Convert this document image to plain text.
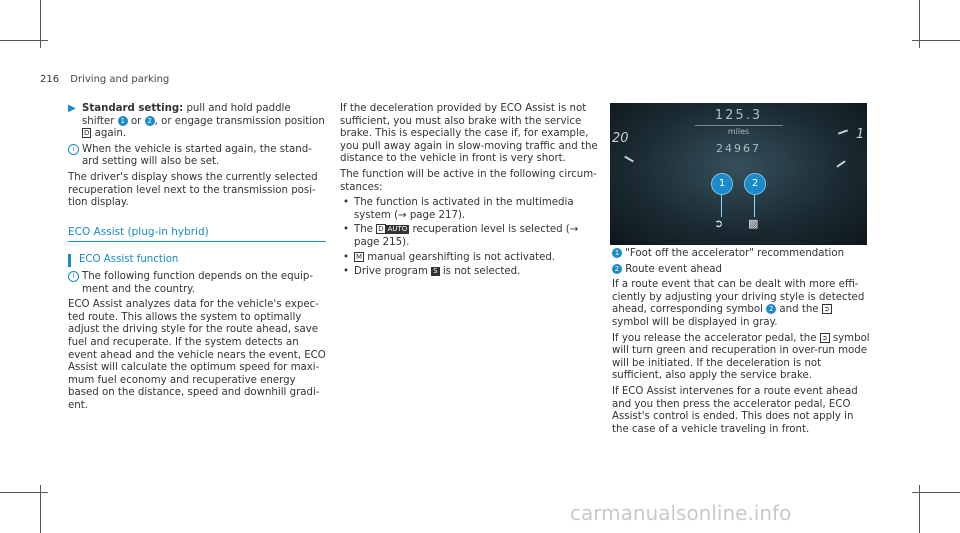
216 Driving and parking

▶ Standard setting: pull and hold paddle shifter 1 or 2 , or engage transmission position D again.

i When the vehicle is started again, the stand-ard setting will also be set.

The driver's display shows the currently selected recuperation level next to the transmission posi-tion display.

ECO Assist (plug-in hybrid)
ECO Assist function

i The following function depends on the equip-ment and the country.

ECO Assist analyzes data for the vehicle's expec-ted route. This allows the system to optimally adjust the driving style for the route ahead, save fuel and recuperate. If the system detects an event ahead and the vehicle nears the event, ECO Assist will calculate the optimum speed for maxi-mum fuel economy and recuperative energy based on the distance, speed and downhill gradi-ent.

If the deceleration provided by ECO Assist is not sufficient, you must also brake with the service brake. This is especially the case if, for example, you pull away again in slow-moving traffic and the distance to the vehicle in front is very short.

The function will be active in the following circum-stances:

• The function is activated in the multimedia system (→ page 217).
• The D AUTO recuperation level is selected (→ page 215).
• M manual gearshifting is not activated.
• Drive program S is not selected.
125.3
miles
24967
20	1
1	2
➲ ▩

1 "Foot off the accelerator" recommendation

2 Route event ahead

If a route event that can be dealt with more effi-ciently by adjusting your driving style is detected ahead, corresponding symbol 2 and the ➲ symbol will be displayed in gray.

If you release the accelerator pedal, the ➲ symbol will turn green and recuperation in over-run mode will be initiated. If the deceleration is not sufficient, also apply the service brake.

If ECO Assist intervenes for a route event ahead and you then press the accelerator pedal, ECO Assist's control is ended. This does not apply in the case of a vehicle traveling in front.

carmanualsonline.info
